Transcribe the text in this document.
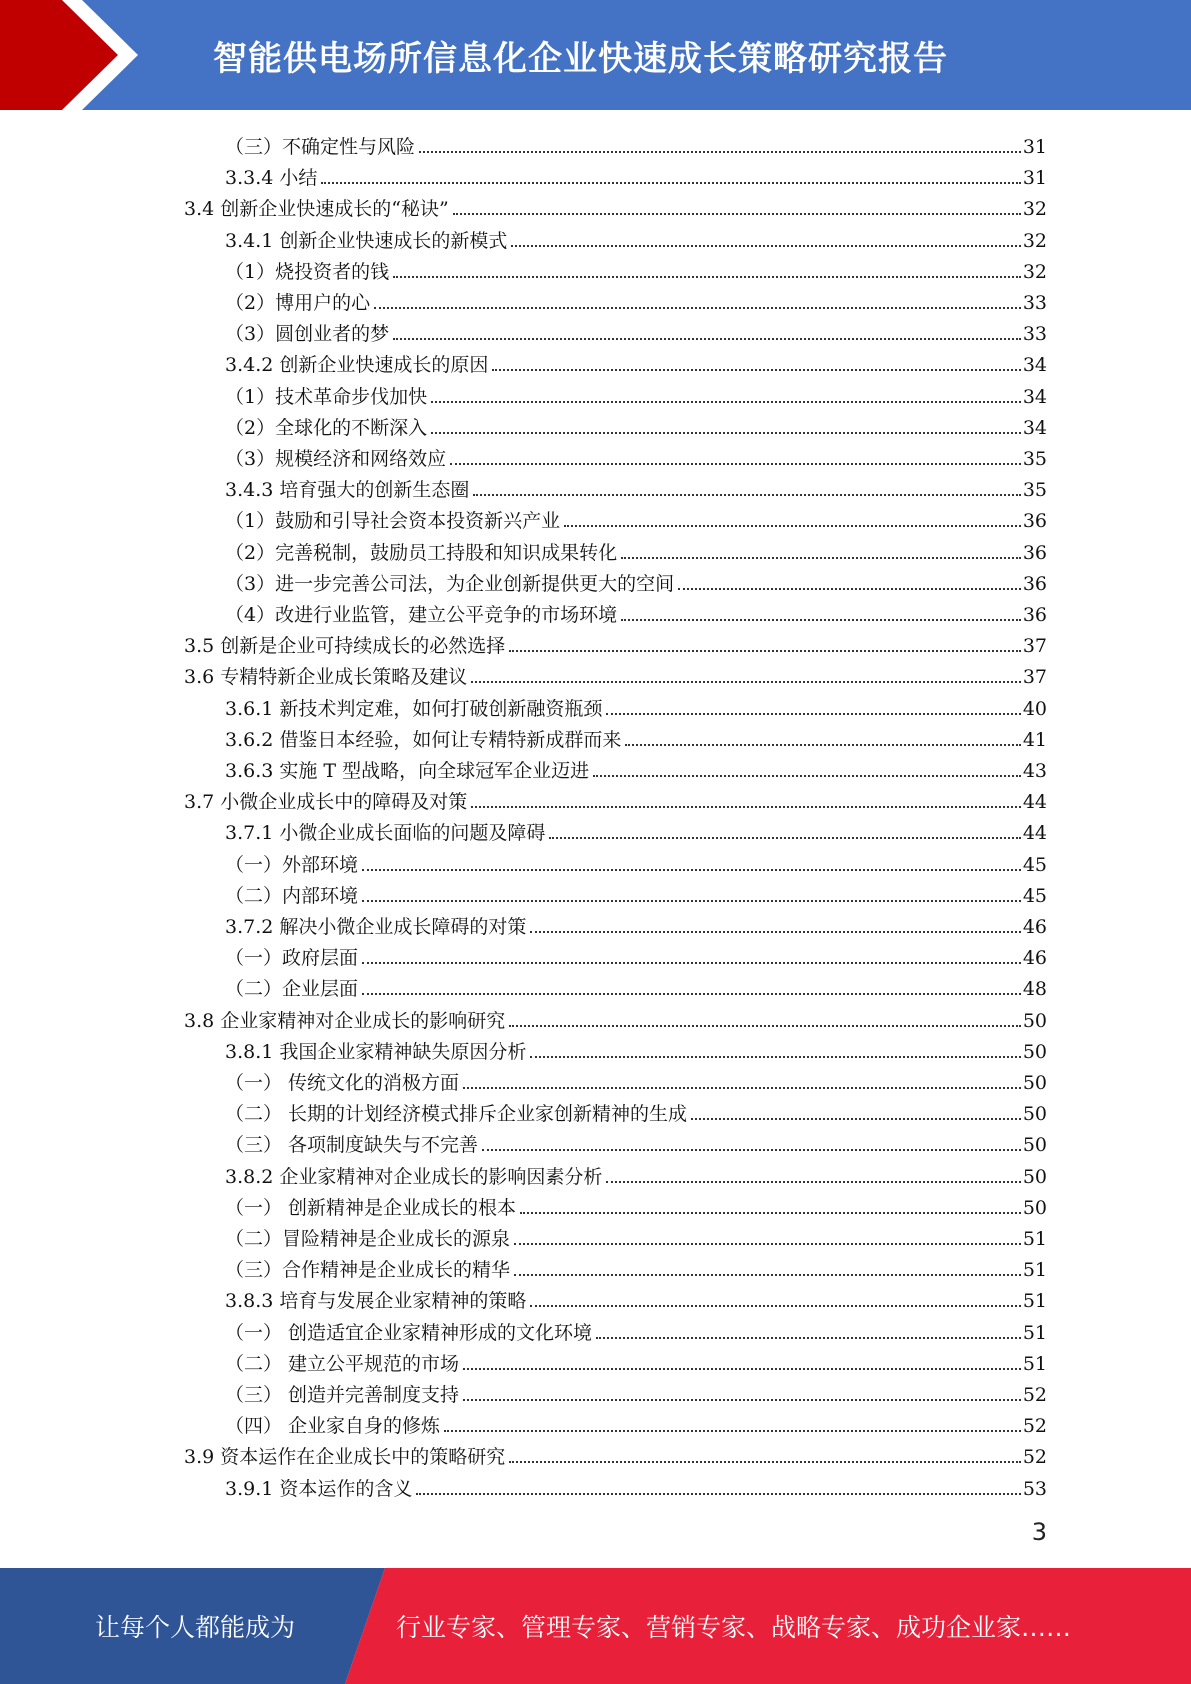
智能供电场所信息化企业快速成长策略研究报告
（三）不确定性与风险	31
3.3.4 小结	31
3.4 创新企业快速成长的“秘诀”	32
3.4.1 创新企业快速成长的新模式	32
（1）烧投资者的钱	32
（2）博用户的心	33
（3）圆创业者的梦	33
3.4.2 创新企业快速成长的原因	34
（1）技术革命步伐加快	34
（2）全球化的不断深入	34
（3）规模经济和网络效应	35
3.4.3 培育强大的创新生态圈	35
（1）鼓励和引导社会资本投资新兴产业	36
（2）完善税制，鼓励员工持股和知识成果转化	36
（3）进一步完善公司法，为企业创新提供更大的空间	36
（4）改进行业监管，建立公平竞争的市场环境	36
3.5 创新是企业可持续成长的必然选择	37
3.6 专精特新企业成长策略及建议	37
3.6.1 新技术判定难，如何打破创新融资瓶颈	40
3.6.2 借鉴日本经验，如何让专精特新成群而来	41
3.6.3 实施 T 型战略，向全球冠军企业迈进	43
3.7 小微企业成长中的障碍及对策	44
3.7.1 小微企业成长面临的问题及障碍	44
（一）外部环境	45
（二）内部环境	45
3.7.2 解决小微企业成长障碍的对策	46
（一）政府层面	46
（二）企业层面	48
3.8 企业家精神对企业成长的影响研究	50
3.8.1 我国企业家精神缺失原因分析	50
（一） 传统文化的消极方面	50
（二） 长期的计划经济模式排斥企业家创新精神的生成	50
（三） 各项制度缺失与不完善	50
3.8.2 企业家精神对企业成长的影响因素分析	50
（一） 创新精神是企业成长的根本	50
（二）冒险精神是企业成长的源泉	51
（三）合作精神是企业成长的精华	51
3.8.3 培育与发展企业家精神的策略	51
（一） 创造适宜企业家精神形成的文化环境	51
（二） 建立公平规范的市场	51
（三） 创造并完善制度支持	52
（四） 企业家自身的修炼	52
3.9 资本运作在企业成长中的策略研究	52
3.9.1 资本运作的含义	53
3
让每个人都能成为	行业专家、管理专家、营销专家、战略专家、成功企业家……
